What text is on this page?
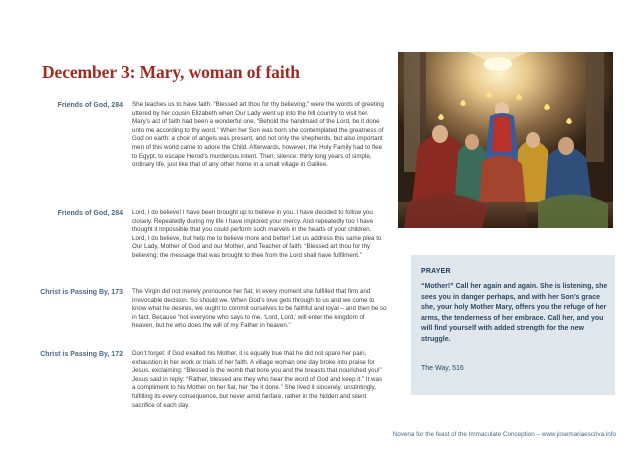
December 3: Mary, woman of faith
Friends of God, 284 She teaches us to have faith. “Blessed art thou for thy believing,” were the words of greeting uttered by her cousin Elizabeth when Our Lady went up into the hill country to visit her. Mary’s act of faith had been a wonderful one, “Behold the handmaid of the Lord, be it done unto me according to thy word.” When her Son was born she contemplated the greatness of God on earth: a choir of angels was present, and not only the shepherds, but also important men of this world came to adore the Child. Afterwards, however, the Holy Family had to flee to Egypt, to escape Herod’s murderous intent. Then, silence; thirty long years of simple, ordinary life, just like that of any other home in a small village in Galilee.
Friends of God, 284 Lord, I do believe! I have been brought up to believe in you. I have decided to follow you closely. Repeatedly during my life I have implored your mercy. And repeatedly too I have thought it impossible that you could perform such marvels in the hearts of your children. Lord, I do believe, but help me to believe more and better! Let us address this same plea to Our Lady, Mother of God and our Mother, and Teacher of faith: “Blessed art thou for thy believing; the message that was brought to thee from the Lord shall have fulfilment.”
Christ is Passing By, 173 The Virgin did not merely pronounce her fiat; in every moment she fulfilled that firm and irrevocable decision. So should we. When God’s love gets through to us and we come to know what he desires, we ought to commit ourselves to be faithful and loyal – and then be so in fact. Because “not everyone who says to me, ‘Lord, Lord,’ will enter the kingdom of heaven, but he who does the will of my Father in heaven.”
Christ is Passing By, 172 Don’t forget: if God exalted his Mother, it is equally true that he did not spare her pain, exhaustion in her work or trials of her faith. A village woman one day broke into praise for Jesus, exclaiming: “Blessed is the womb that bore you and the breasts that nourished you!” Jesus said in reply: “Rather, blessed are they who hear the word of God and keep it.” It was a compliment to his Mother on her fiat, her “be it done.” She lived it sincerely, unstintingly, fulfilling its every consequence, but never amid fanfare, rather in the hidden and silent sacrifice of each day.
PRAYER
“Mother!” Call her again and again. She is listening, she sees you in danger perhaps, and with her Son’s grace she, your holy Mother Mary, offers you the refuge of her arms, the tenderness of her embrace. Call her, and you will find yourself with added strength for the new struggle.
The Way, 516
Novena for the feast of the Immaculate Conception – www.josemariaescriva.info
